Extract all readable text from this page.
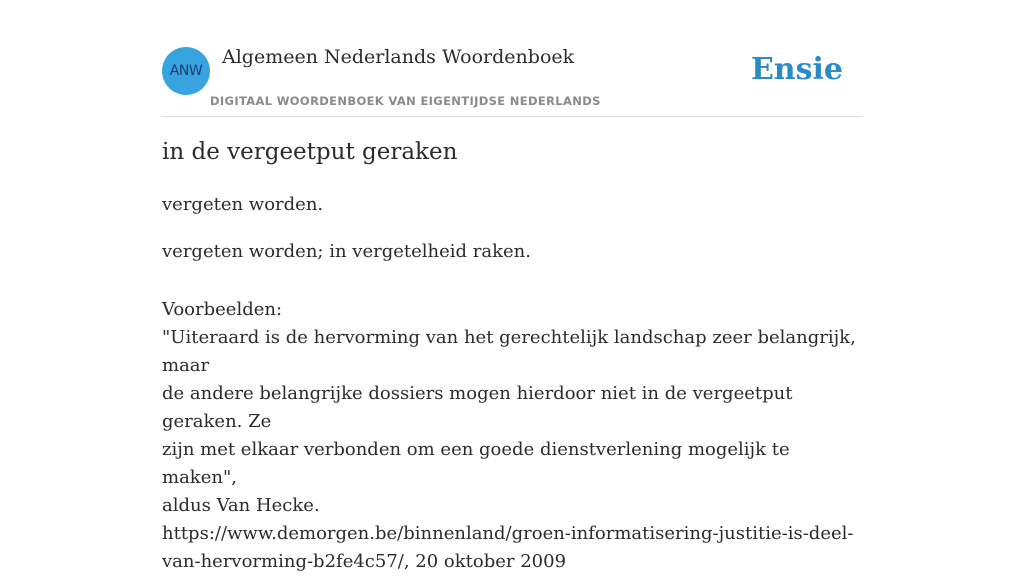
ANW
Algemeen Nederlands Woordenboek
DIGITAAL WOORDENBOEK VAN EIGENTIJDSE NEDERLANDS
Ensie
in de vergeetput geraken
vergeten worden.
vergeten worden; in vergetelheid raken.
Voorbeelden:
"Uiteraard is de hervorming van het gerechtelijk landschap zeer belangrijk, maar
de andere belangrijke dossiers mogen hierdoor niet in de vergeetput geraken. Ze
zijn met elkaar verbonden om een goede dienstverlening mogelijk te maken",
aldus Van Hecke.
https://www.demorgen.be/binnenland/groen-informatisering-justitie-is-deel-
van-hervorming-b2fe4c57/, 20 oktober 2009
